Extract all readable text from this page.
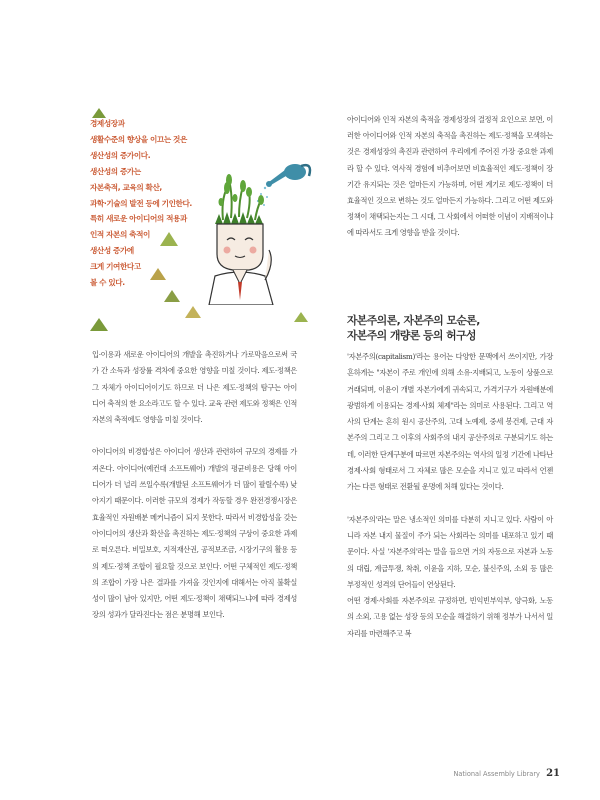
경제성장과
생활수준의 향상을 이끄는 것은
생산성의 증가이다.
생산성의 증가는
자본축적, 교육의 확산,
과학·기술의 발전 등에 기인한다.
특히 새로운 아이디어의 적용과
인적 자본의 축적이
생산성 증가에
크게 기여한다고
볼 수 있다.

입·이용과 새로운 아이디어의 개발을 촉진하거나 가로막음으로써 국가 간 소득과 성장률 격차에 중요한 영향을 미칠 것이다. 제도·정책은 그 자체가 아이디어이기도 하므로 더 나은 제도·정책의 탐구는 아이디어 축적의 한 요소라고도 할 수 있다. 교육 관련 제도와 정책은 인적 자본의 축적에도 영향을 미칠 것이다.

아이디어의 비경합성은 아이디어 생산과 관련하여 규모의 경제를 가져온다. 아이디어(예컨대 소프트웨어) 개발의 평균비용은 당해 아이디어가 더 널리 쓰일수록(개발된 소프트웨어가 더 많이 팔릴수록) 낮아지기 때문이다. 이러한 규모의 경제가 작동할 경우 완전경쟁시장은 효율적인 자원배분 메커니즘이 되지 못한다. 따라서 비경합성을 갖는 아이디어의 생산과 확산을 촉진하는 제도·정책의 구상이 중요한 과제로 떠오른다. 비밀보호, 지적재산권, 공적보조금, 시장기구의 활용 등의 제도·정책 조합이 필요할 것으로 보인다. 어떤 구체적인 제도·정책의 조합이 가장 나은 결과를 가져올 것인지에 대해서는 아직 불확실성이 많이 남아 있지만, 어떤 제도·정책이 채택되느냐에 따라 경제성장의 성과가 달라진다는 점은 분명해 보인다.

아이디어와 인적 자본의 축적을 경제성장의 결정적 요인으로 보면, 이러한 아이디어와 인적 자본의 축적을 촉진하는 제도·정책을 모색하는 것은 경제성장의 촉진과 관련하여 우리에게 주어진 가장 중요한 과제라 할 수 있다. 역사적 경험에 비추어보면 비효율적인 제도·정책이 장기간 유지되는 것은 얼마든지 가능하며, 어떤 계기로 제도·정책이 더 효율적인 것으로 변하는 것도 얼마든지 가능하다. 그리고 어떤 제도와 정책이 채택되는지는 그 시대, 그 사회에서 어떠한 이념이 지배적이냐에 따라서도 크게 영향을 받을 것이다.

자본주의론, 자본주의 모순론,
자본주의 개량론 등의 허구성

'자본주의(capitalism)'라는 용어는 다양한 문맥에서 쓰이지만, 가장 흔하게는 "자본이 주로 개인에 의해 소유·지배되고, 노동이 상품으로 거래되며, 이윤이 개별 자본가에게 귀속되고, 가격기구가 자원배분에 광범하게 이용되는 경제·사회 체제"라는 의미로 사용된다. 그리고 역사의 단계는 흔히 원시 공산주의, 고대 노예제, 중세 봉건제, 근대 자본주의 그리고 그 이후의 사회주의 내지 공산주의로 구분되기도 하는데, 이러한 단계구분에 따르면 자본주의는 역사의 일정 기간에 나타난 경제·사회 형태로서 그 자체로 많은 모순을 지니고 있고 따라서 언젠가는 다른 형태로 전환될 운명에 처해 있다는 것이다.

'자본주의'라는 말은 냉소적인 의미를 다분히 지니고 있다. 사람이 아니라 자본 내지 물질이 주가 되는 사회라는 의미를 내포하고 있기 때문이다. 사실 '자본주의'라는 말을 들으면 거의 자동으로 자본과 노동의 대립, 계급투쟁, 착취, 이윤을 지하, 모순, 불신주의, 소외 등 많은 부정적인 성격의 단어들이 연상된다.

어떤 경제·사회를 자본주의로 규정하면, 빈익빈부익부, 양극화, 노동의 소외, 고용 없는 성장 등의 모순을 해결하기 위해 정부가 나서서 일자리를 마련해주고 복

National Assembly Library 21
